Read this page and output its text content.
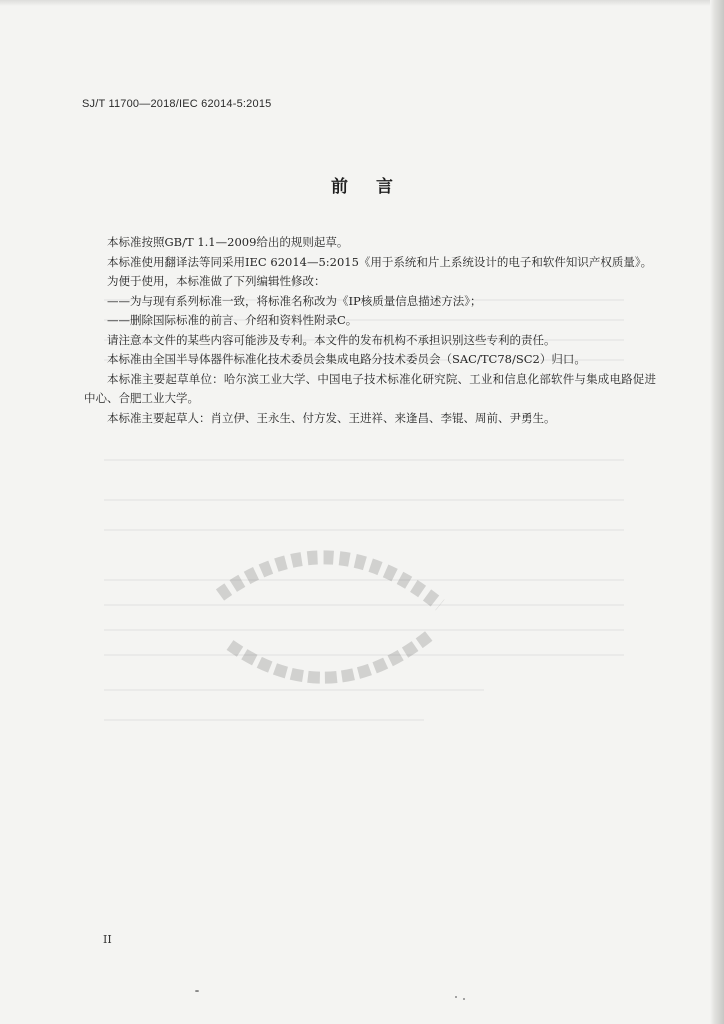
SJ/T 11700—2018/IEC 62014-5:2015
前言

本标准按照GB/T 1.1—2009给出的规则起草。

本标准使用翻译法等同采用IEC 62014—5:2015《用于系统和片上系统设计的电子和软件知识产权质量》。

为便于使用，本标准做了下列编辑性修改：

——为与现有系列标准一致，将标准名称改为《IP核质量信息描述方法》；

——删除国际标准的前言、介绍和资料性附录C。

请注意本文件的某些内容可能涉及专利。本文件的发布机构不承担识别这些专利的责任。

本标准由全国半导体器件标准化技术委员会集成电路分技术委员会（SAC/TC78/SC2）归口。

本标准主要起草单位：哈尔滨工业大学、中国电子技术标准化研究院、工业和信息化部软件与集成电路促进中心、合肥工业大学。

本标准主要起草人：肖立伊、王永生、付方发、王进祥、来逢昌、李锟、周前、尹勇生。

II
